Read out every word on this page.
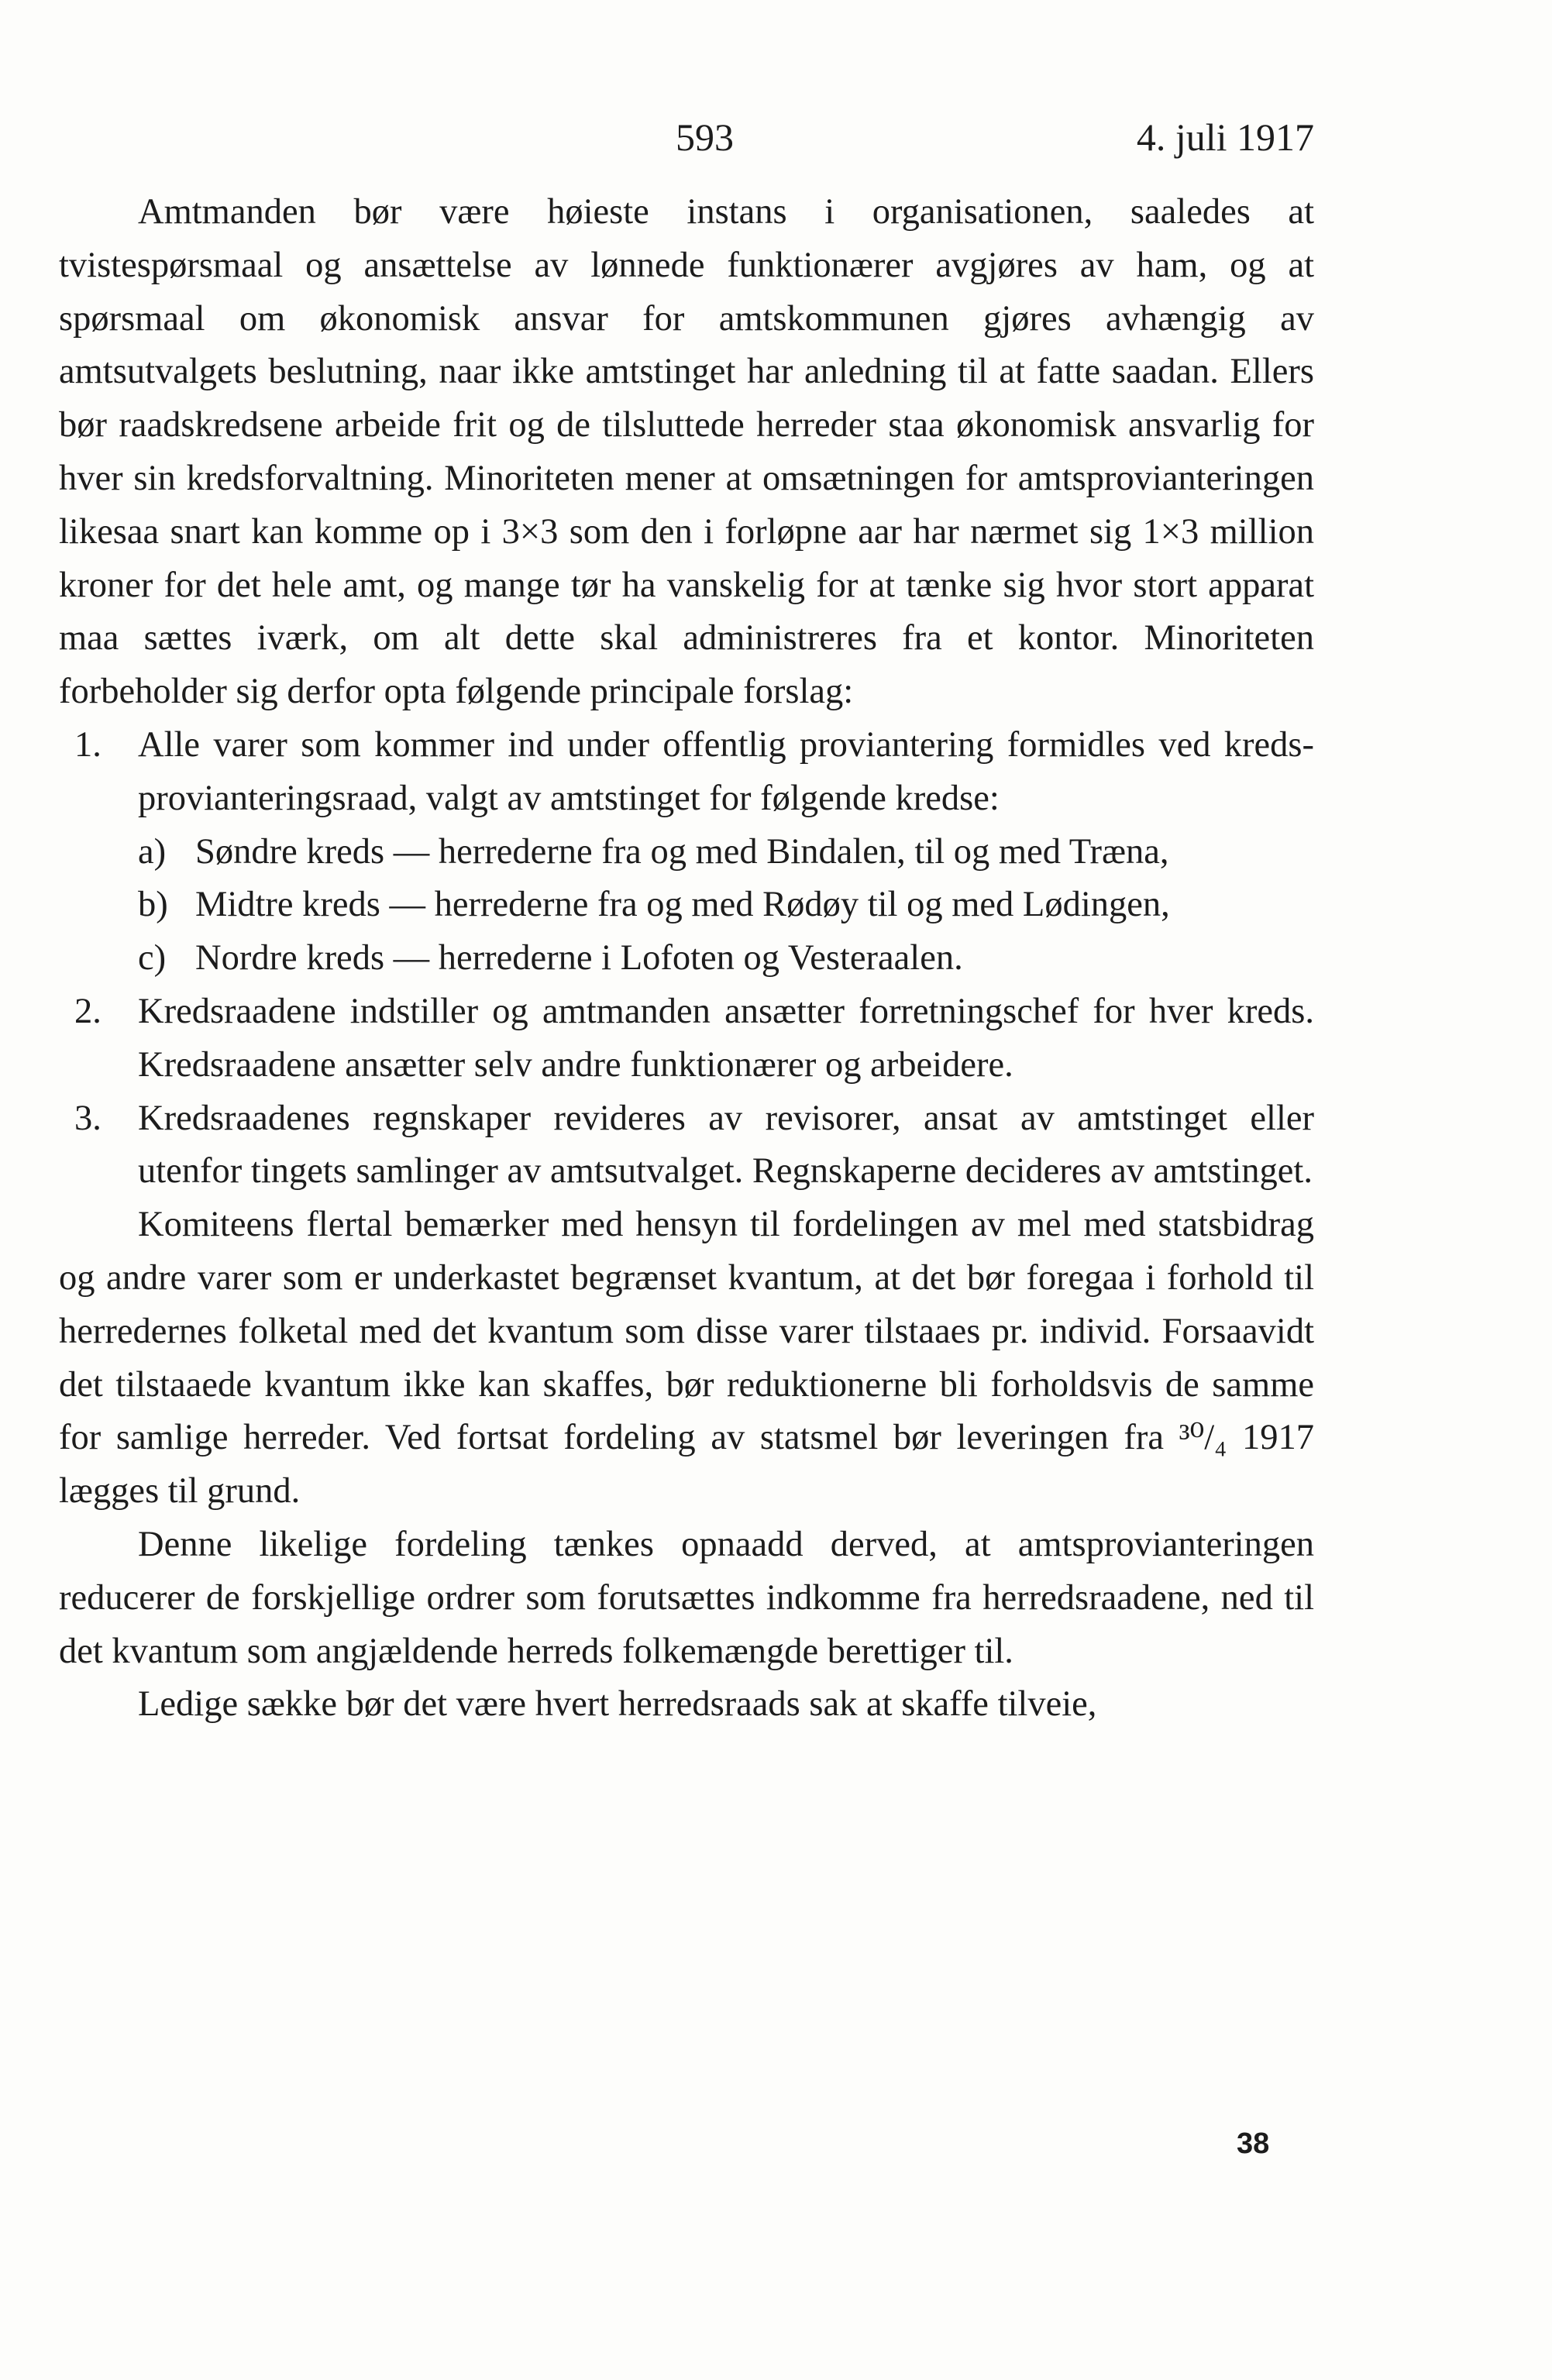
593	4. juli 1917

Amtmanden bør være høieste instans i organisationen, saaledes at tvistespørsmaal og ansættelse av lønnede funktionærer avgjøres av ham, og at spørsmaal om økonomisk ansvar for amtskommunen gjøres avhængig av amtsutvalgets beslutning, naar ikke amtstinget har anledning til at fatte saadan. Ellers bør raadskredsene arbeide frit og de tilsluttede herreder staa økonomisk ansvarlig for hver sin kredsforvaltning. Minoriteten mener at omsætningen for amtsprovianteringen likesaa snart kan komme op i 3×3 som den i forløpne aar har nærmet sig 1×3 million kroner for det hele amt, og mange tør ha vanskelig for at tænke sig hvor stort apparat maa sættes iværk, om alt dette skal administreres fra et kontor. Minoriteten forbeholder sig derfor opta følgende principale forslag:

1. Alle varer som kommer ind under offentlig proviantering formidles ved kreds-provianteringsraad, valgt av amtstinget for følgende kredse:
a) Søndre kreds — herrederne fra og med Bindalen, til og med Træna,
b) Midtre kreds — herrederne fra og med Rødøy til og med Lødingen,
c) Nordre kreds — herrederne i Lofoten og Vesteraalen.
2. Kredsraadene indstiller og amtmanden ansætter forretningschef for hver kreds. Kredsraadene ansætter selv andre funktionærer og arbeidere.
3. Kredsraadenes regnskaper revideres av revisorer, ansat av amtstinget eller utenfor tingets samlinger av amtsutvalget. Regnskaperne decideres av amtstinget.

Komiteens flertal bemærker med hensyn til fordelingen av mel med statsbidrag og andre varer som er underkastet begrænset kvantum, at det bør foregaa i forhold til herredernes folketal med det kvantum som disse varer tilstaaes pr. individ. Forsaavidt det tilstaaede kvantum ikke kan skaffes, bør reduktionerne bli forholdsvis de samme for samlige herreder. Ved fortsat fordeling av statsmel bør leveringen fra ³⁰/₄ 1917 lægges til grund.

Denne likelige fordeling tænkes opnaadd derved, at amtsprovianteringen reducerer de forskjellige ordrer som forutsættes indkomme fra herredsraadene, ned til det kvantum som angjældende herreds folkemængde berettiger til.

Ledige sække bør det være hvert herredsraads sak at skaffe tilveie,

38
